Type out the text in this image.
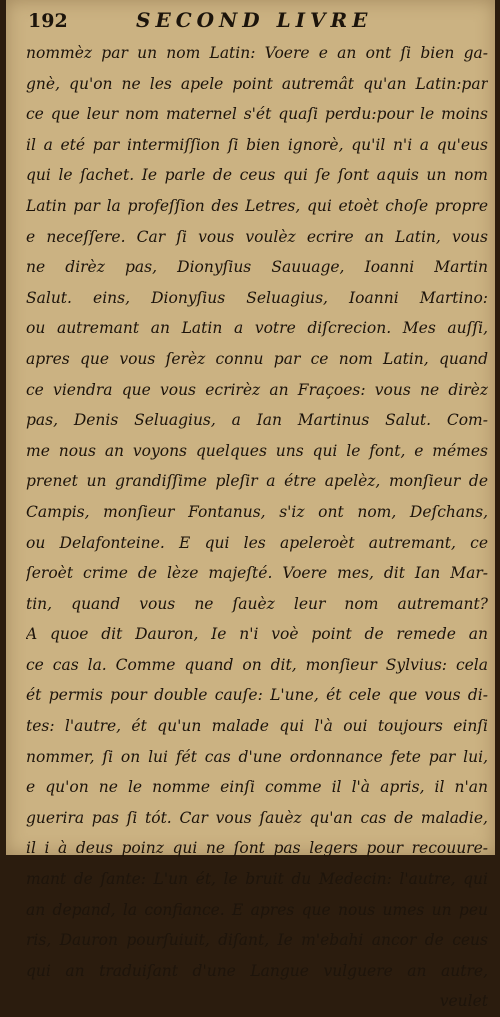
192	SECOND LIVRE
nommèz par un nom Latin: Voere e an ont ſi bien ga-
gnè, qu'on ne les apele point autremât qu'an Latin:par
ce que leur nom maternel s'ét quaſi perdu:pour le moins
il a eté par intermiſſion ſi bien ignorè, qu'il n'i a qu'eus
qui le ſachet. Ie parle de ceus qui ſe ſont aquis un nom
Latin par la profeſſion des Letres, qui etoèt choſe propre
e neceſſere. Car ſi vous voulèz ecrire an Latin, vous
ne dirèz pas, Dionyſius Sauuage, Ioanni Martin
Salut. eins, Dionyſius Seluagius, Ioanni Martino:
ou autremant an Latin a votre diſcrecion. Mes auſſi,
apres que vous ſerèz connu par ce nom Latin, quand
ce viendra que vous ecrirèz an Fraçoes: vous ne dirèz
pas, Denis Seluagius, a Ian Martinus Salut. Com-
me nous an voyons quelques uns qui le font, e mémes
prenet un grandiſſime pleſir a étre apelèz, monſieur de
Campis, monſieur Fontanus, s'iz ont nom, Deſchans,
ou Delafonteine. E qui les apeleroèt autremant, ce
ſeroèt crime de lèze majeſté. Voere mes, dit Ian Mar-
tin, quand vous ne ſauèz leur nom autremant?
A quoe dit Dauron, Ie n'i voè point de remede an
ce cas la. Comme quand on dit, monſieur Sylvius: cela
ét permis pour double cauſe: L'une, ét cele que vous di-
tes: l'autre, ét qu'un malade qui l'à oui toujours einſi
nommer, ſi on lui fét cas d'une ordonnance fete par lui,
e qu'on ne le nomme einſi comme il l'à apris, il n'an
guerira pas ſi tót. Car vous ſauèz qu'an cas de maladie,
il i à deus poinz qui ne ſont pas legers pour recouure-
mant de ſante: L'un ét, le bruit du Medecin: l'autre, qui
an depand, la confiance. E apres que nous umes un peu
ris, Dauron pourſuiuit, diſant, Ie m'ebahi ancor de ceus
qui an traduiſant d'une Langue vulguere an autre,
veulet
